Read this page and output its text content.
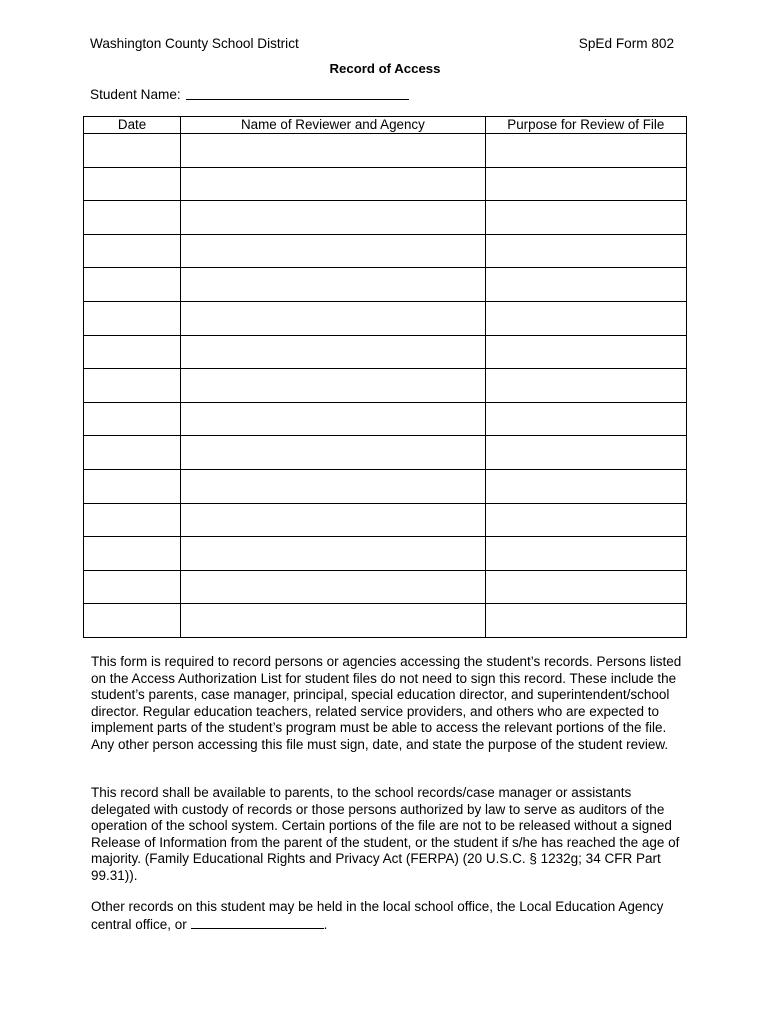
Washington County School District	SpEd Form 802
Record of Access
Student Name:
Date	Name of Reviewer and Agency	Purpose for Review of File

This form is required to record persons or agencies accessing the student’s records. Persons listed on the Access Authorization List for student files do not need to sign this record. These include the student’s parents, case manager, principal, special education director, and superintendent/school director. Regular education teachers, related service providers, and others who are expected to implement parts of the student’s program must be able to access the relevant portions of the file. Any other person accessing this file must sign, date, and state the purpose of the student review.
This record shall be available to parents, to the school records/case manager or assistants delegated with custody of records or those persons authorized by law to serve as auditors of the operation of the school system. Certain portions of the file are not to be released without a signed Release of Information from the parent of the student, or the student if s/he has reached the age of majority. (Family Educational Rights and Privacy Act (FERPA) (20 U.S.C. § 1232g; 34 CFR Part 99.31)).
Other records on this student may be held in the local school office, the Local Education Agency central office, or	.
